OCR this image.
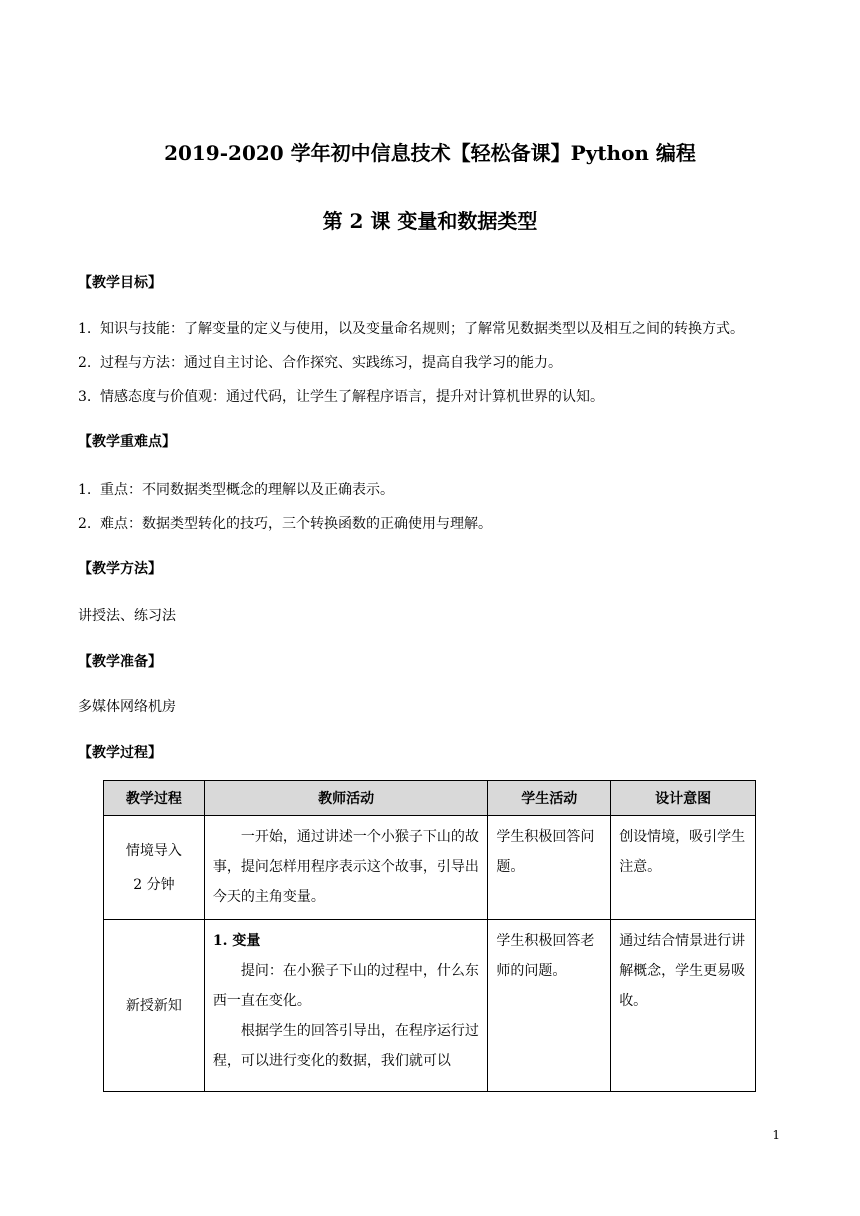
2019-2020 学年初中信息技术【轻松备课】Python 编程
第 2 课 变量和数据类型
【教学目标】
1. 知识与技能：了解变量的定义与使用，以及变量命名规则；了解常见数据类型以及相互之间的转换方式。
2. 过程与方法：通过自主讨论、合作探究、实践练习，提高自我学习的能力。
3. 情感态度与价值观：通过代码，让学生了解程序语言，提升对计算机世界的认知。
【教学重难点】
1. 重点：不同数据类型概念的理解以及正确表示。
2. 难点：数据类型转化的技巧，三个转换函数的正确使用与理解。
【教学方法】
讲授法、练习法
【教学准备】
多媒体网络机房
【教学过程】
教学过程	教师活动	学生活动	设计意图

情境导入

2 分钟	一开始，通过讲述一个小猴子下山的故事，提问怎样用程序表示这个故事，引导出今天的主角变量。	学生积极回答问题。	创设情境，吸引学生注意。

新授新知	1. 变量

提问：在小猴子下山的过程中，什么东西一直在变化。

根据学生的回答引导出，在程序运行过程，可以进行变化的数据，我们就可以	学生积极回答老师的问题。	通过结合情景进行讲解概念，学生更易吸收。
1
